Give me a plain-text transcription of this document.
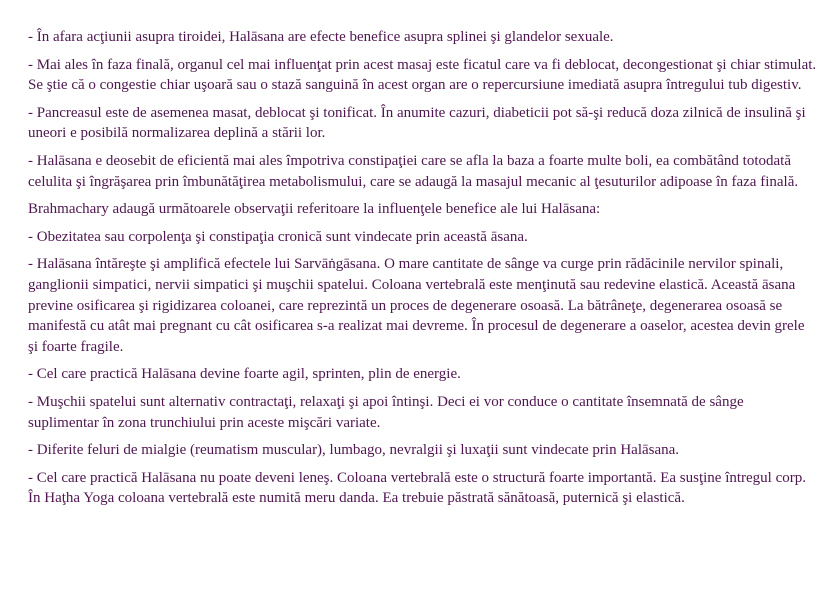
- În afara acţiunii asupra tiroidei, Halāsana are efecte benefice asupra splinei şi glandelor sexuale.

- Mai ales în faza finală, organul cel mai influenţat prin acest masaj este ficatul care va fi deblocat, decongestionat şi chiar stimulat. Se ştie că o congestie chiar uşoară sau o stază sanguină în acest organ are o repercursiune imediată asupra întregului tub digestiv.

- Pancreasul este de asemenea masat, deblocat şi tonificat. În anumite cazuri, diabeticii pot să-şi reducă doza zilnică de insulină şi uneori e posibilă normalizarea deplină a stării lor.

- Halāsana e deosebit de eficientă mai ales împotriva constipaţiei care se afla la baza a foarte multe boli, ea combătând totodată celulita şi îngrăşarea prin îmbunătăţirea metabolismului, care se adaugă la masajul mecanic al ţesuturilor adipoase în faza finală.

Brahmachary adaugă următoarele observaţii referitoare la influenţele benefice ale lui Halāsana:

- Obezitatea sau corpolenţa şi constipaţia cronică sunt vindecate prin această āsana.

- Halāsana întăreşte şi amplifică efectele lui Sarvāṅgāsana. O mare cantitate de sânge va curge prin rădăcinile nervilor spinali, ganglionii simpatici, nervii simpatici şi muşchii spatelui. Coloana vertebrală este menţinută sau redevine elastică. Această āsana previne osificarea şi rigidizarea coloanei, care reprezintă un proces de degenerare osoasă. La bătrâneţe, degenerarea osoasă se manifestă cu atât mai pregnant cu cât osificarea s-a realizat mai devreme. În procesul de degenerare a oaselor, acestea devin grele şi foarte fragile.

- Cel care practică Halāsana devine foarte agil, sprinten, plin de energie.

- Muşchii spatelui sunt alternativ contractaţi, relaxaţi şi apoi întinşi. Deci ei vor conduce o cantitate însemnată de sânge suplimentar în zona trunchiului prin aceste mişcări variate.

- Diferite feluri de mialgie (reumatism muscular), lumbago, nevralgii şi luxaţii sunt vindecate prin Halāsana.

- Cel care practică Halāsana nu poate deveni leneş. Coloana vertebrală este o structură foarte importantă. Ea susţine întregul corp. În Haţha Yoga coloana vertebrală este numită meru danda. Ea trebuie păstrată sănătoasă, puternică şi elastică.
